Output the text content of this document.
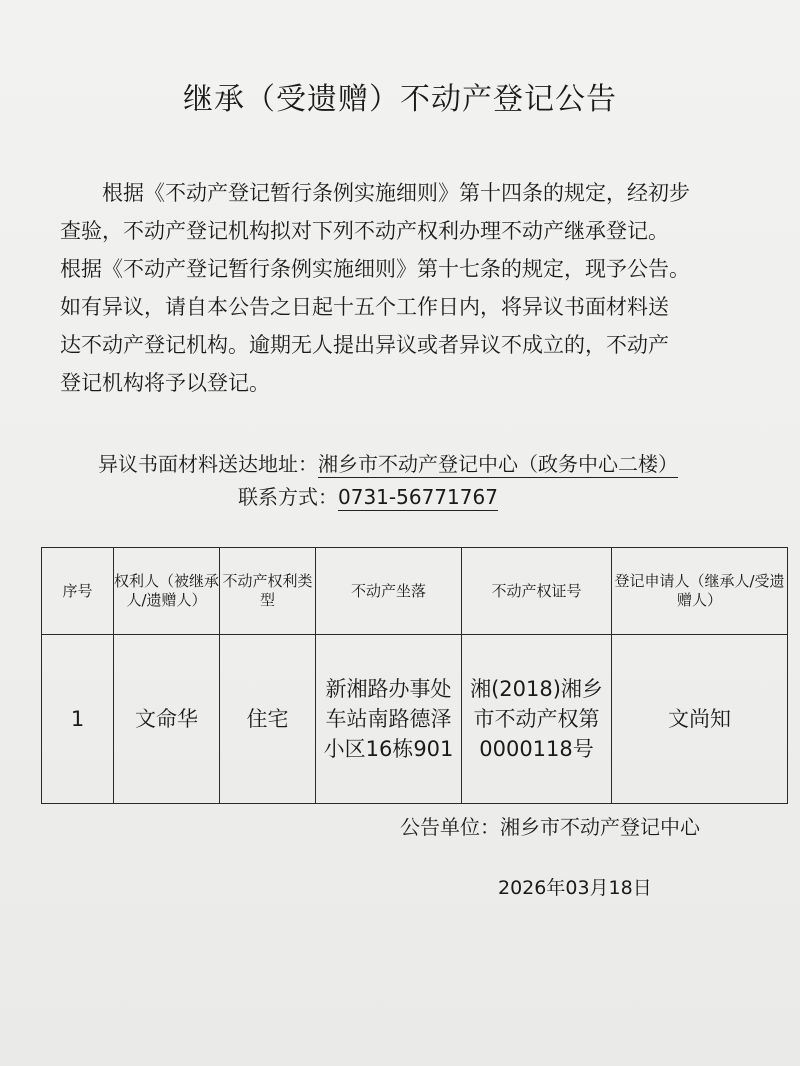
继承（受遗赠）不动产登记公告

根据《不动产登记暂行条例实施细则》第十四条的规定，经初步

查验，不动产登记机构拟对下列不动产权利办理不动产继承登记。

根据《不动产登记暂行条例实施细则》第十七条的规定，现予公告。

如有异议，请自本公告之日起十五个工作日内，将异议书面材料送

达不动产登记机构。逾期无人提出异议或者异议不成立的，不动产

登记机构将予以登记。

异议书面材料送达地址：湘乡市不动产登记中心（政务中心二楼）
联系方式：0731-56771767
序号	权利人（被继承人/遗赠人）	不动产权利类型	不动产坐落	不动产权证号	登记申请人（继承人/受遗赠人）
1	文命华	住宅	新湘路办事处车站南路德泽小区16栋901	湘(2018)湘乡市不动产权第0000118号	文尚知
公告单位：湘乡市不动产登记中心
2026年03月18日
